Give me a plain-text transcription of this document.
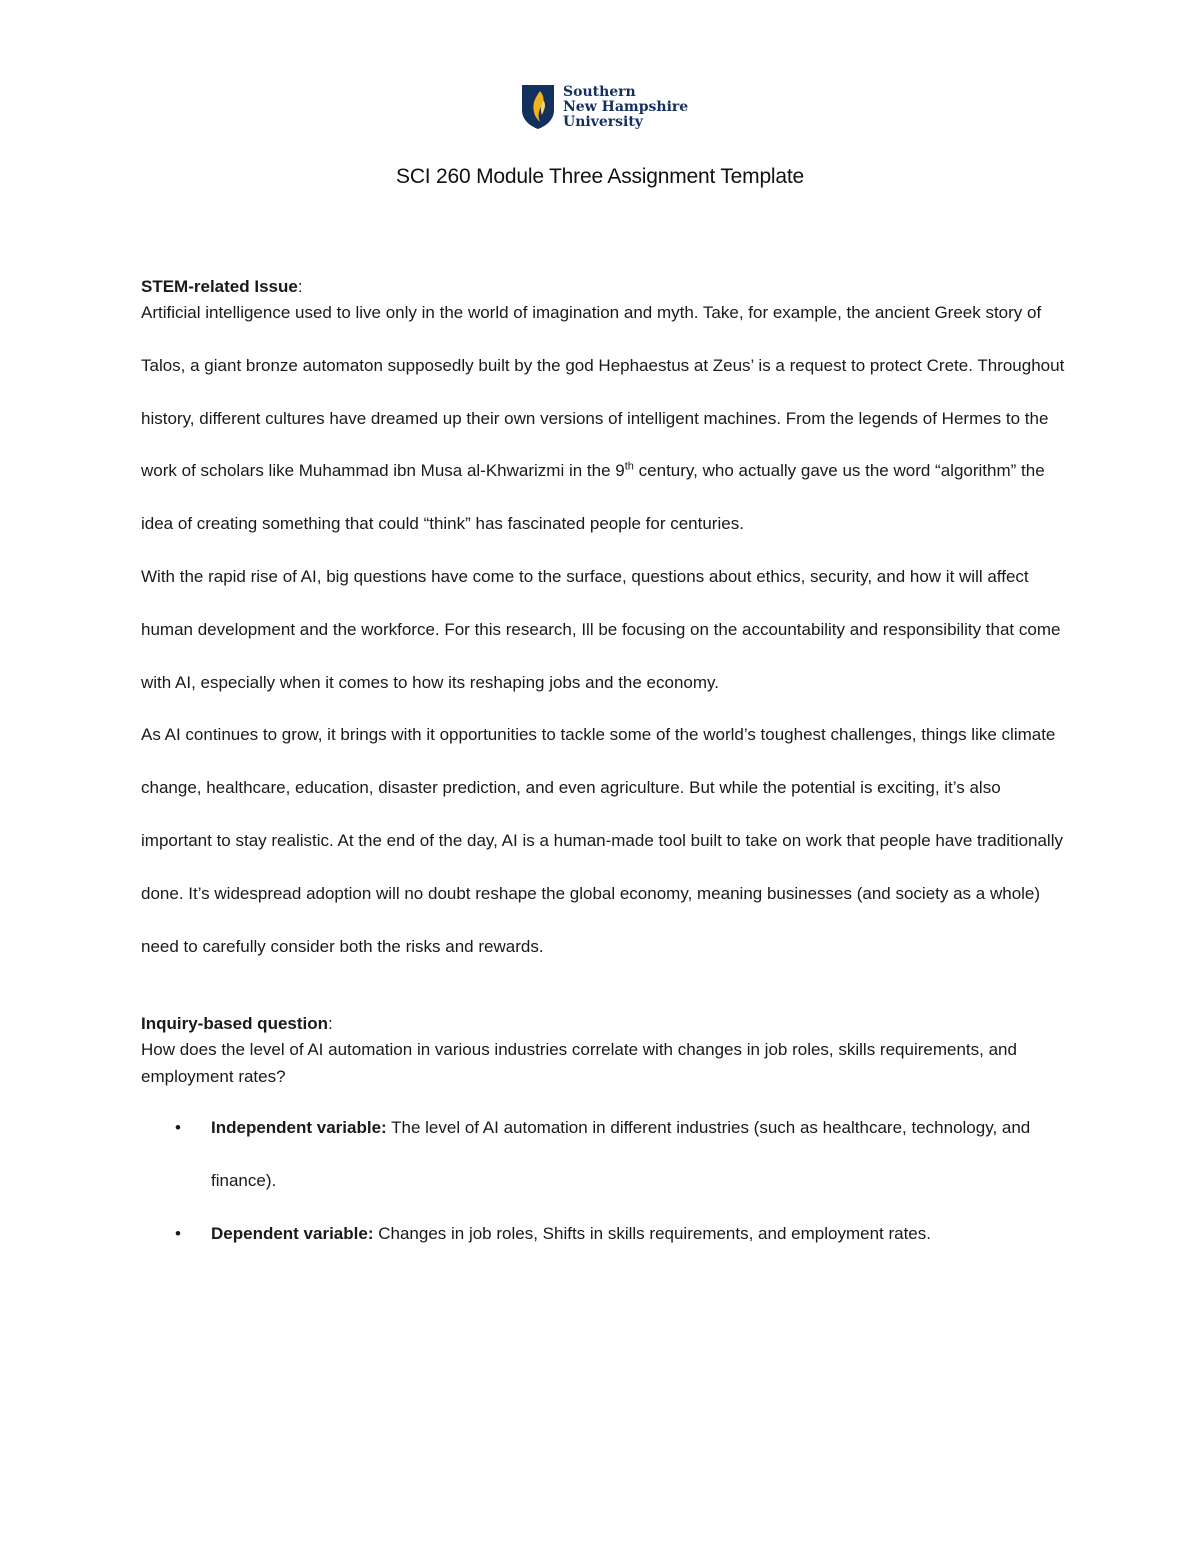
Southern
New Hampshire
University
SCI 260 Module Three Assignment Template
STEM-related Issue:

Artificial intelligence used to live only in the world of imagination and myth. Take, for example, the ancient Greek story of Talos, a giant bronze automaton supposedly built by the god Hephaestus at Zeus’ is a request to protect Crete. Throughout history, different cultures have dreamed up their own versions of intelligent machines. From the legends of Hermes to the work of scholars like Muhammad ibn Musa al-Khwarizmi in the 9th century, who actually gave us the word “algorithm” the idea of creating something that could “think” has fascinated people for centuries.

With the rapid rise of AI, big questions have come to the surface, questions about ethics, security, and how it will affect human development and the workforce. For this research, Ill be focusing on the accountability and responsibility that come with AI, especially when it comes to how its reshaping jobs and the economy.

As AI continues to grow, it brings with it opportunities to tackle some of the world’s toughest challenges, things like climate change, healthcare, education, disaster prediction, and even agriculture. But while the potential is exciting, it’s also important to stay realistic. At the end of the day, AI is a human-made tool built to take on work that people have traditionally done. It’s widespread adoption will no doubt reshape the global economy, meaning businesses (and society as a whole) need to carefully consider both the risks and rewards.

Inquiry-based question:

How does the level of AI automation in various industries correlate with changes in job roles, skills requirements, and employment rates?

• Independent variable: The level of AI automation in different industries (such as healthcare, technology, and finance).
• Dependent variable: Changes in job roles, Shifts in skills requirements, and employment rates.
